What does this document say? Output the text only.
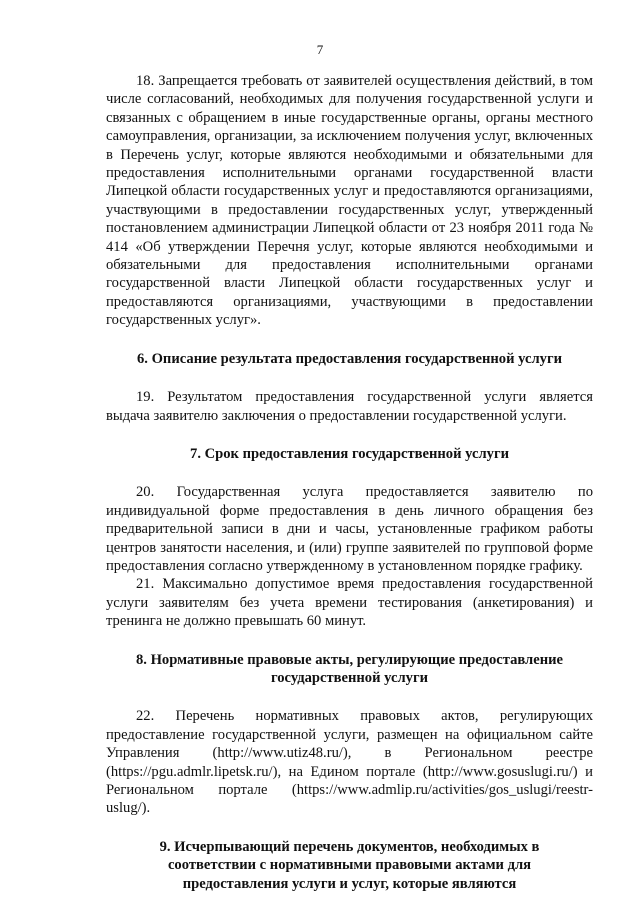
7

18. Запрещается требовать от заявителей осуществления действий, в том числе согласований, необходимых для получения государственной услуги и связанных с обращением в иные государственные органы, органы местного самоуправления, организации, за исключением получения услуг, включенных в Перечень услуг, которые являются необходимыми и обязательными для предоставления исполнительными органами государственной власти Липецкой области государственных услуг и предоставляются организациями, участвующими в предоставлении государственных услуг, утвержденный постановлением администрации Липецкой области от 23 ноября 2011 года № 414 «Об утверждении Перечня услуг, которые являются необходимыми и обязательными для предоставления исполнительными органами государственной власти Липецкой области государственных услуг и предоставляются организациями, участвующими в предоставлении государственных услуг».

6. Описание результата предоставления государственной услуги

19. Результатом предоставления государственной услуги является выдача заявителю заключения о предоставлении государственной услуги.

7. Срок предоставления государственной услуги

20. Государственная услуга предоставляется заявителю по индивидуальной форме предоставления в день личного обращения без предварительной записи в дни и часы, установленные графиком работы центров занятости населения, и (или) группе заявителей по групповой форме предоставления согласно утвержденному в установленном порядке графику.

21. Максимально допустимое время предоставления государственной услуги заявителям без учета времени тестирования (анкетирования) и тренинга не должно превышать 60 минут.

8. Нормативные правовые акты, регулирующие предоставление государственной услуги

22. Перечень нормативных правовых актов, регулирующих предоставление государственной услуги, размещен на официальном сайте Управления (http://www.utiz48.ru/), в Региональном реестре (https://pgu.admlr.lipetsk.ru/), на Едином портале (http://www.gosuslugi.ru/) и Региональном портале (https://www.admlip.ru/activities/gos_uslugi/reestr-uslug/).

9. Исчерпывающий перечень документов, необходимых в соответствии с нормативными правовыми актами для предоставления услуги и услуг, которые являются
